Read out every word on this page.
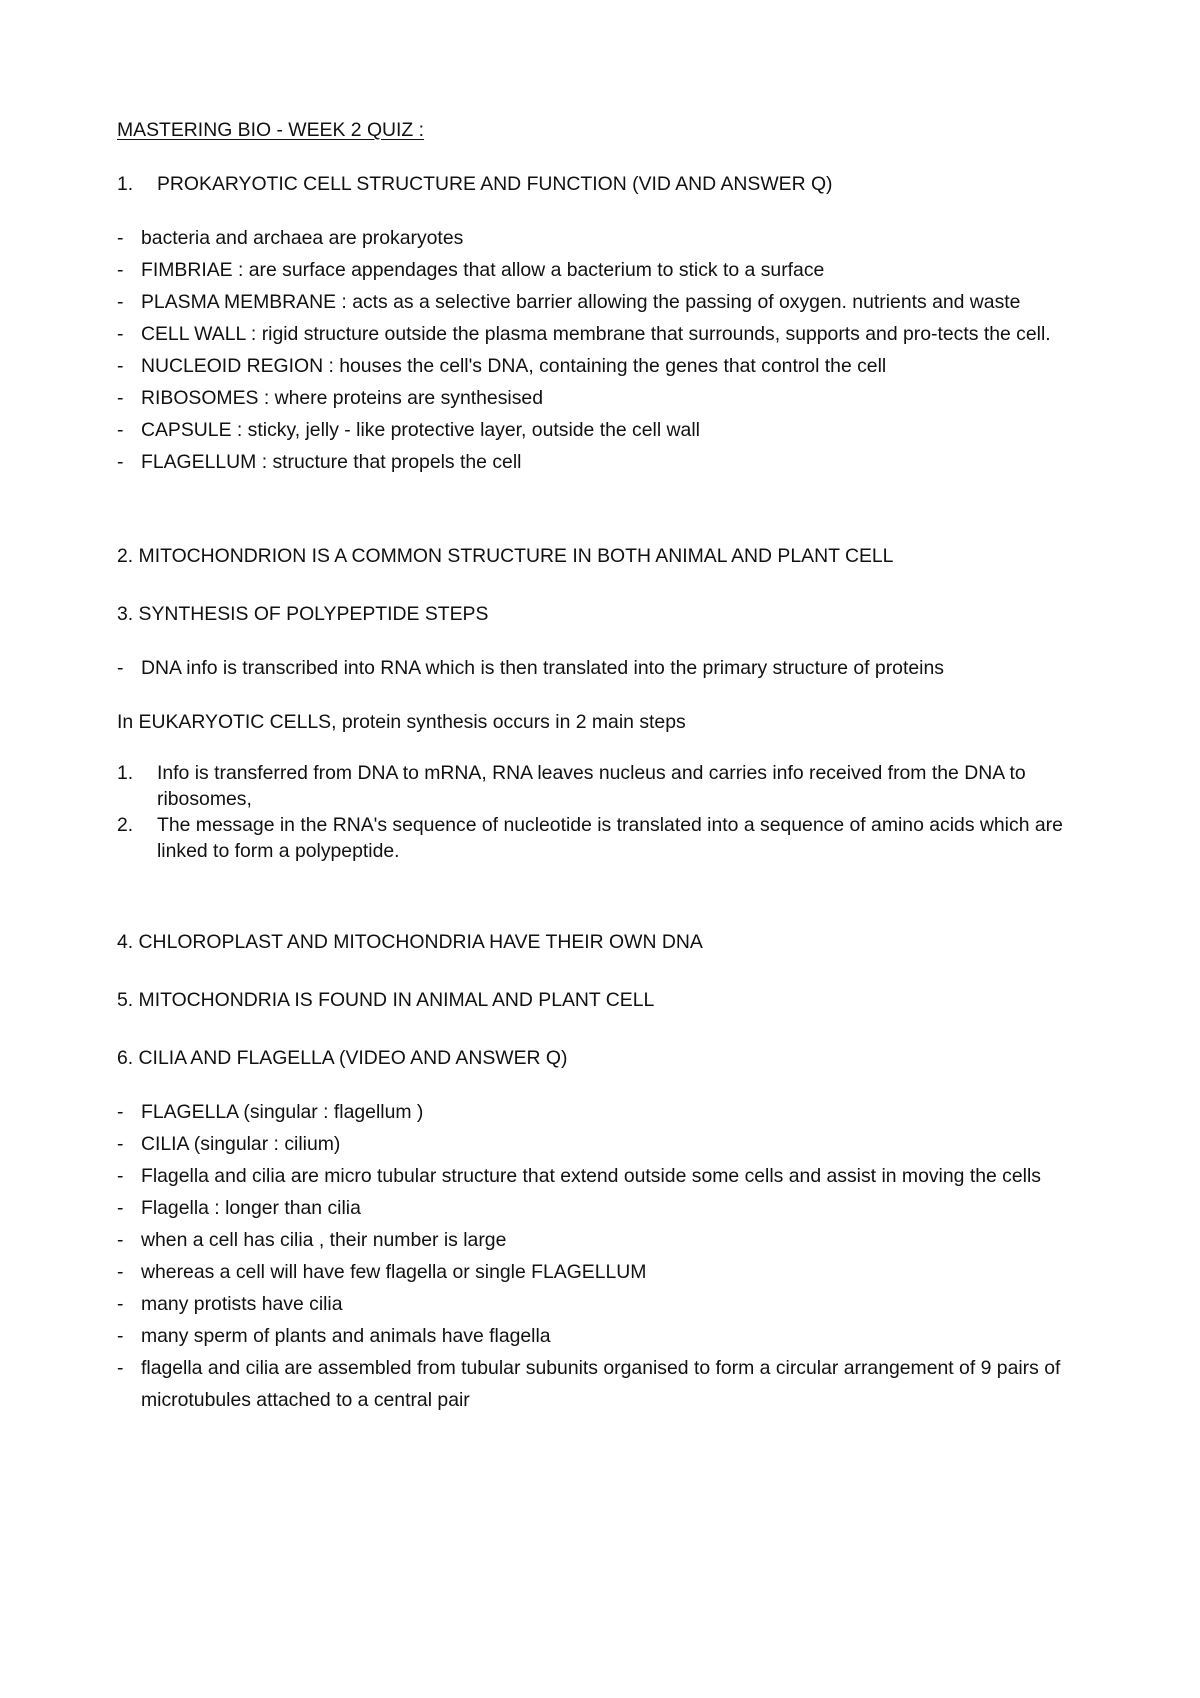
MASTERING BIO - WEEK 2 QUIZ :

1. PROKARYOTIC CELL STRUCTURE AND FUNCTION (VID AND ANSWER Q)

- bacteria and archaea are prokaryotes
- FIMBRIAE : are surface appendages that allow a bacterium to stick to a surface
- PLASMA MEMBRANE : acts as a selective barrier allowing the passing of oxygen. nutrients and waste
- CELL WALL : rigid structure outside the plasma membrane that surrounds, supports and pro-tects the cell.
- NUCLEOID REGION : houses the cell's DNA, containing the genes that control the cell
- RIBOSOMES : where proteins are synthesised
- CAPSULE : sticky, jelly - like protective layer, outside the cell wall
- FLAGELLUM : structure that propels the cell

2. MITOCHONDRION IS A COMMON STRUCTURE IN BOTH ANIMAL AND PLANT CELL

3. SYNTHESIS OF POLYPEPTIDE STEPS

- DNA info is transcribed into RNA which is then translated into the primary structure of proteins

In EUKARYOTIC CELLS, protein synthesis occurs in 2 main steps

1. Info is transferred from DNA to mRNA, RNA leaves nucleus and carries info received from the DNA to ribosomes,
2. The message in the RNA's sequence of nucleotide is translated into a sequence of amino acids which are linked to form a polypeptide.

4. CHLOROPLAST AND MITOCHONDRIA HAVE THEIR OWN DNA

5. MITOCHONDRIA IS FOUND IN ANIMAL AND PLANT CELL

6. CILIA AND FLAGELLA (VIDEO AND ANSWER Q)

- FLAGELLA (singular : flagellum )
- CILIA (singular : cilium)
- Flagella and cilia are micro tubular structure that extend outside some cells and assist in moving the cells
- Flagella : longer than cilia
- when a cell has cilia , their number is large
- whereas a cell will have few flagella or single FLAGELLUM
- many protists have cilia
- many sperm of plants and animals have flagella
- flagella and cilia are assembled from tubular subunits organised to form a circular arrangement of 9 pairs of microtubules attached to a central pair
